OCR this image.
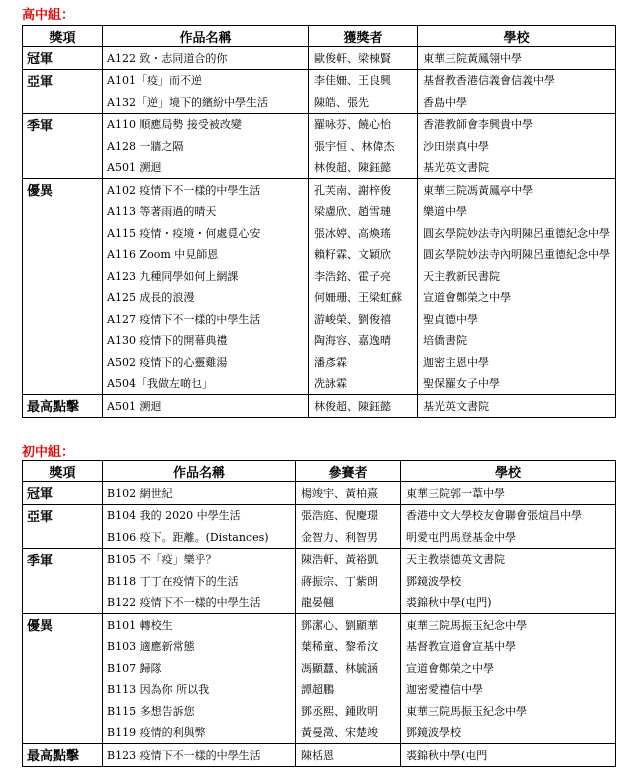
高中組：
獎項	作品名稱	獲獎者	學校
冠軍	A122 致・志同道合的你	歐俊軒、梁棟賢	東華三院黃鳳翎中學
亞軍	A101「疫」而不逆	李佳姍、王良興	基督教香港信義會信義中學
	A132「逆」境下的繽紛中學生活	陳皓、張先	香島中學
季軍	A110 順應局勢 接受被改變	羅咏芬、饒心怡	香港教師會李興貴中學
	A128 一牆之隔	張宇恒 、林偉杰	沙田崇真中學
	A501 溯迴	林俊超、陳鈺懿	基光英文書院
優異	A102 疫情下不一樣的中學生活	孔芙南、謝梓俊	東華三院馮黃鳳亭中學
	A113 等著雨過的晴天	梁慮欣、趙雪璉	樂道中學
	A115 疫情・疫境・何處覓心安	張冰婷、高煥瑤	圓玄學院妙法寺內明陳呂重德紀念中學
	A116 Zoom 中見師恩	賴籽霖、文穎欣	圓玄學院妙法寺內明陳呂重德紀念中學
	A123 九種同學如何上網課	李浩銘、霍子亮	天主教新民書院
	A125 成長的浪漫	何姍珊、王梁虹蘇	宣道會鄭榮之中學
	A127 疫情下不一樣的中學生活	游峻榮、劉俊禧	聖貞德中學
	A130 疫情下的開幕典禮	陶海容、嘉逸晴	培僑書院
	A502 疫情下的心靈雞湯	潘彥霖	迦密主恩中學
	A504「我做左啲乜」	冼詠霖	聖保羅女子中學
最高點擊	A501 溯迴	林俊超、陳鈺懿	基光英文書院
初中組：
獎項	作品名稱	參賽者	學校
冠軍	B102 網世紀	楊竣宇、黃柏熹	東華三院郭一葦中學
亞軍	B104 我的 2020 中學生活	張浩庭、倪慶璟	香港中文大學校友會聯會張煊昌中學
	B106 疫下。距離。(Distances)	金智力、利智男	明愛屯門馬登基金中學
季軍	B105 不「疫」樂乎？	陳浩軒、黃裕凱	天主教崇德英文書院
	B118 丁丁在疫情下的生活	蔣振宗、丁紫朗	鄧鏡波學校
	B122 疫情下不一樣的中學生活	龍晏翹	裘錦秋中學(屯門)
優異	B101 轉校生	鄧潔心、劉顯華	東華三院馬振玉紀念中學
	B103 適應新常態	葉稀童、黎希汶	基督教宣道會宣基中學
	B107 歸隊	馮顯蠶、林毓涵	宣道會鄭榮之中學
	B113 因為你 所以我	譚超鵬	迦密愛禮信中學
	B115 多想告訴您	鄧丞熙、鍾敗明	東華三院馬振玉紀念中學
	B119 疫情的利與弊	黃曼澂、宋楚竣	鄧鏡波學校
最高點擊	B123 疫情下不一樣的中學生活	陳栝恩	裘錦秋中學(屯門
